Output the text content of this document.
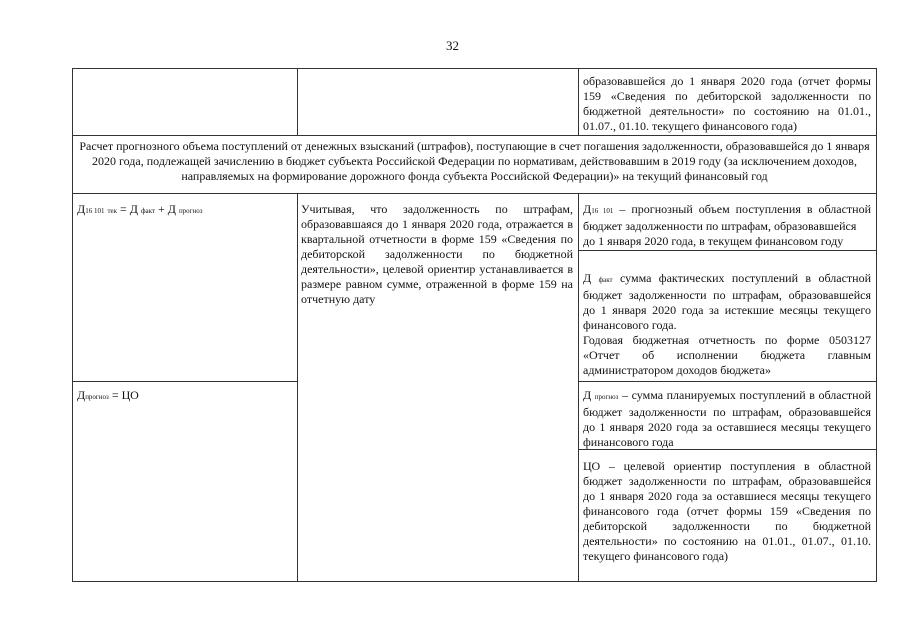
32
образовавшейся до 1 января 2020 года (отчет формы 159 «Сведения по дебиторской задолженности по бюджетной деятельности» по состоянию на 01.01., 01.07., 01.10. текущего финансового года)
Расчет прогнозного объема поступлений от денежных взысканий (штрафов), поступающие в счет погашения задолженности, образовавшейся до 1 января 2020 года, подлежащей зачислению в бюджет субъекта Российской Федерации по нормативам, действовавшим в 2019 году (за исключением доходов, направляемых на формирование дорожного фонда субъекта Российской Федерации)» на текущий финансовый год
Д16 101 тек = Д факт + Д прогноз
Дпрогноз = ЦО
Учитывая, что задолженность по штрафам, образовавшаяся до 1 января 2020 года, отражается в квартальной отчетности в форме 159 «Сведения по дебиторской задолженности по бюджетной деятельности», целевой ориентир устанавливается в размере равном сумме, отраженной в форме 159 на отчетную дату

Д16 101 – прогнозный объем поступления в областной бюджет задолженности по штрафам, образовавшейся

до 1 января 2020 года, в текущем финансовом году

Д факт сумма фактических поступлений в областной бюджет задолженности по штрафам, образовавшейся до 1 января 2020 года за истекшие месяцы текущего финансового года.

Годовая бюджетная отчетность по форме 0503127 «Отчет об исполнении бюджета главным администратором доходов бюджета»

Д прогноз – сумма планируемых поступлений в областной бюджет задолженности по штрафам, образовавшейся до 1 января 2020 года за оставшиеся месяцы текущего финансового года
ЦО – целевой ориентир поступления в областной бюджет задолженности по штрафам, образовавшейся до 1 января 2020 года за оставшиеся месяцы текущего финансового года (отчет формы 159 «Сведения по дебиторской задолженности по бюджетной деятельности» по состоянию на 01.01., 01.07., 01.10. текущего финансового года)
